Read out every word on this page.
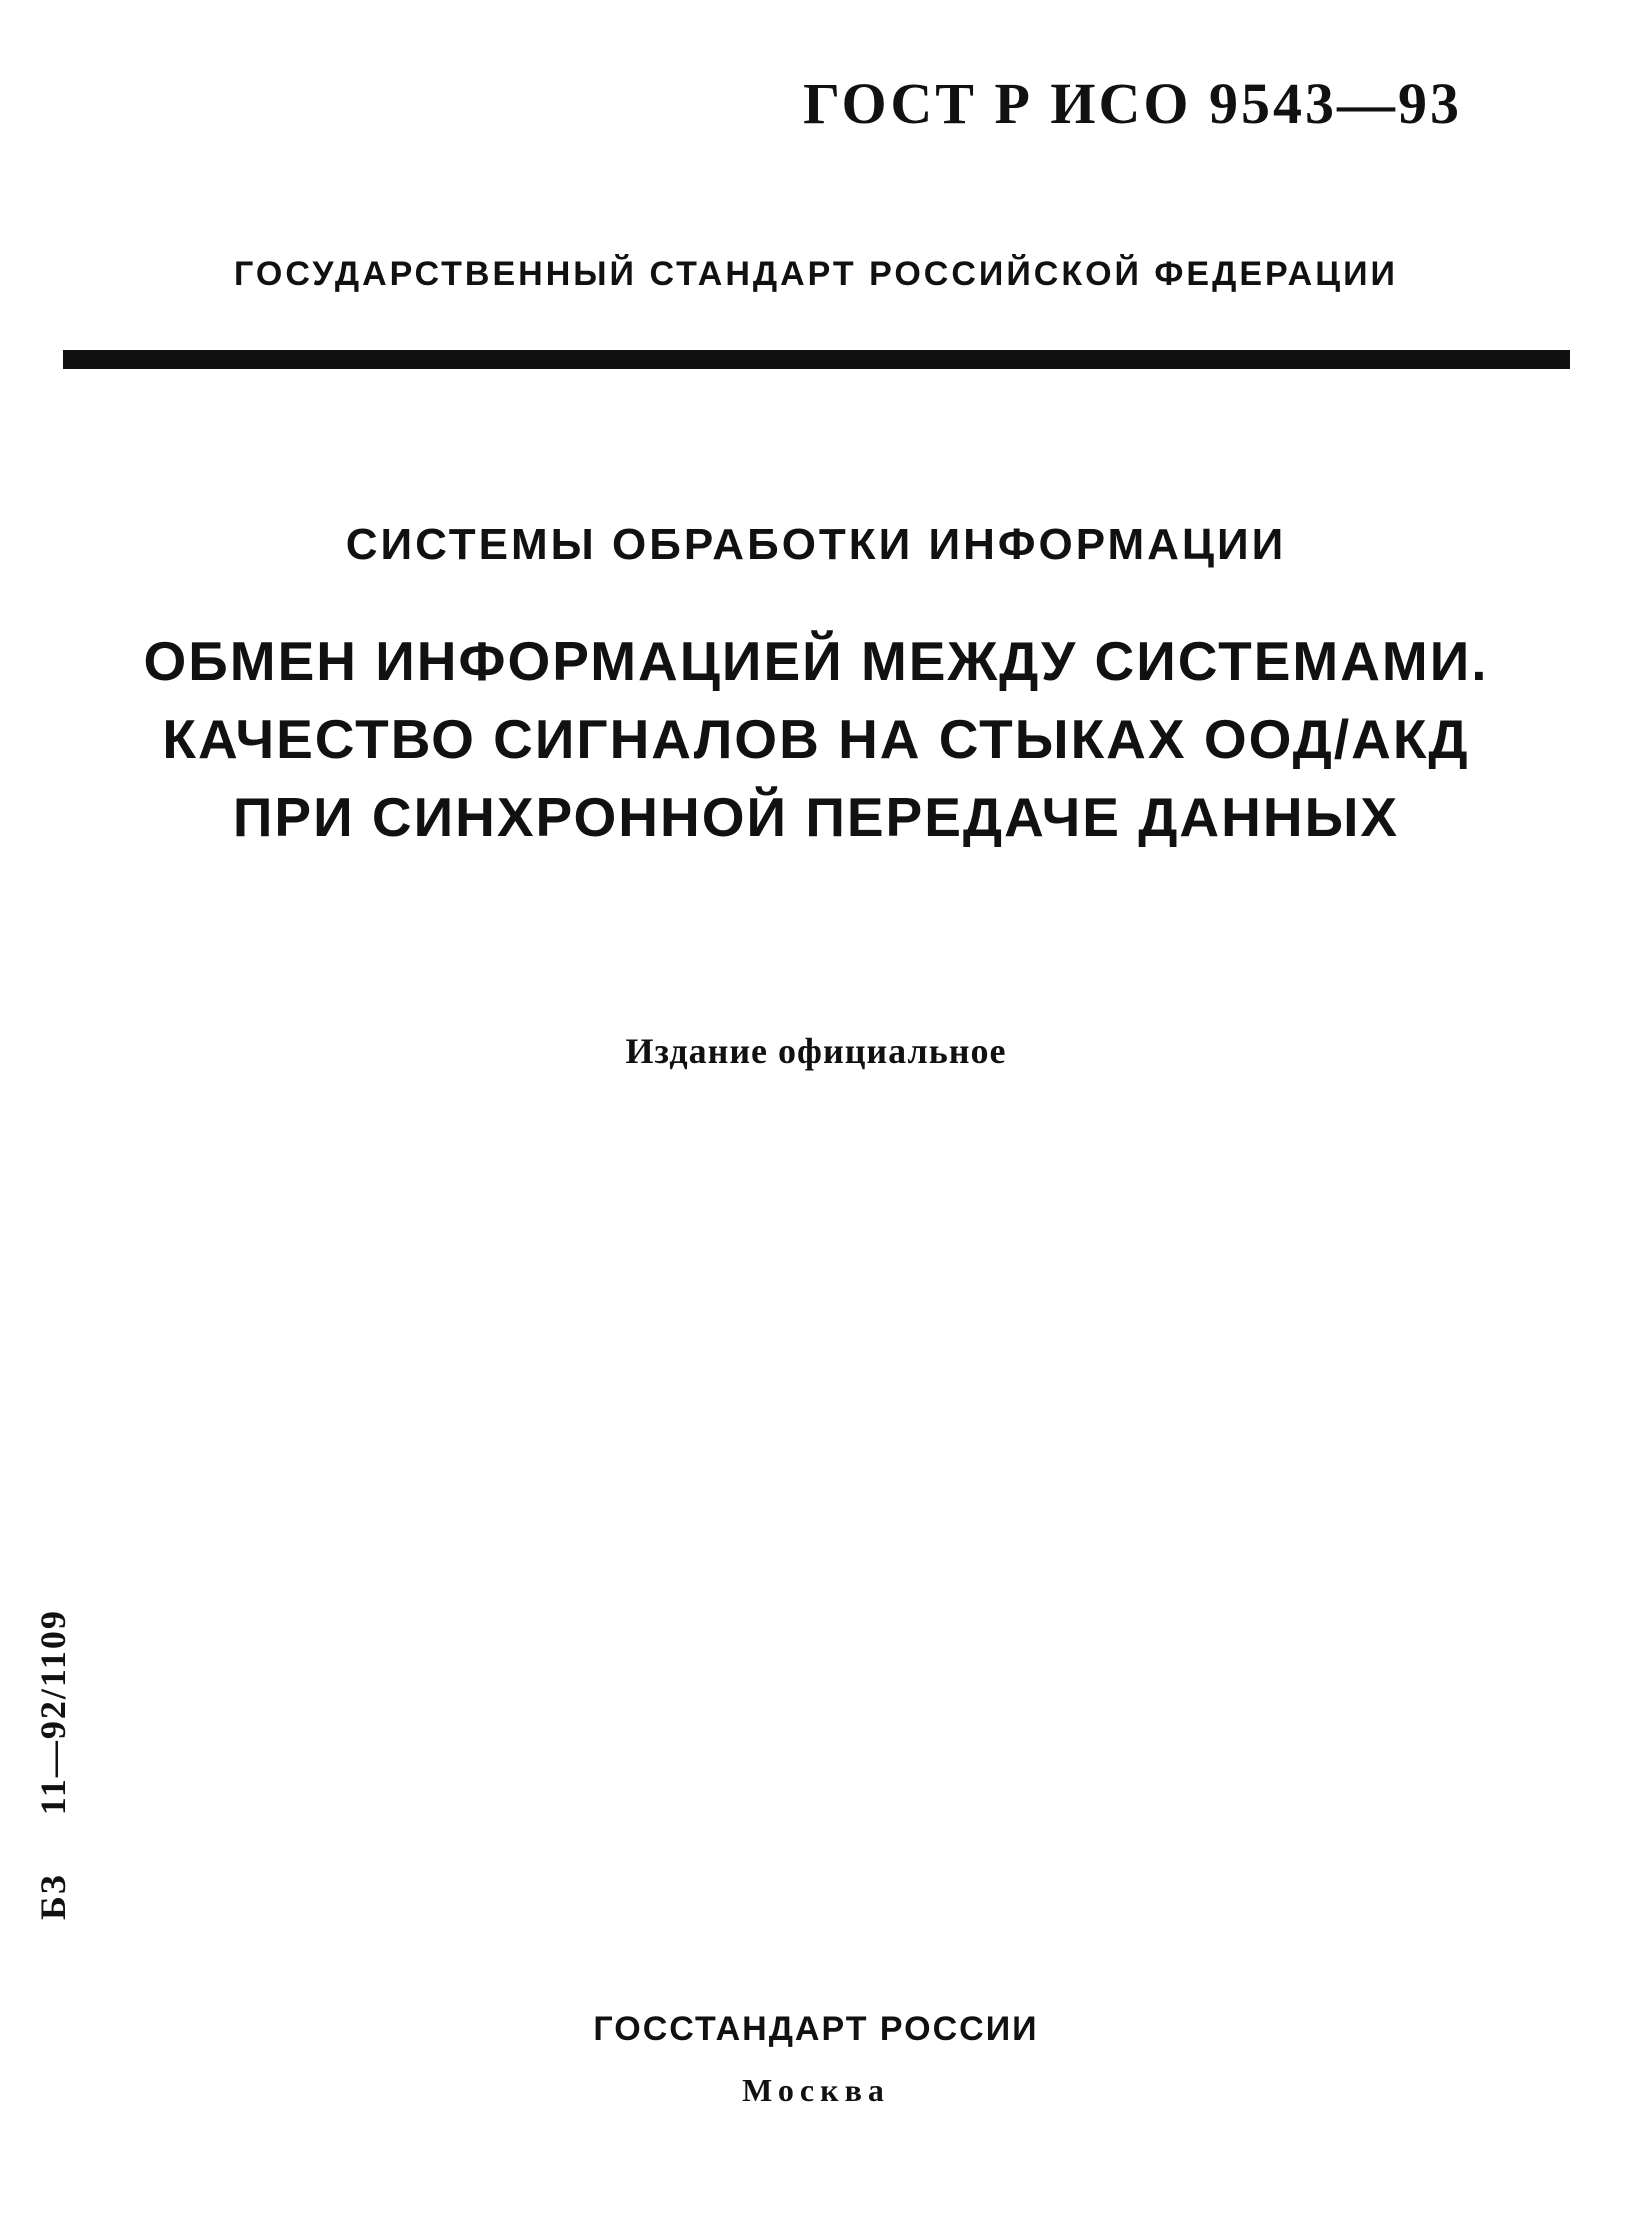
ГОСТ Р ИСО 9543—93
ГОСУДАРСТВЕННЫЙ СТАНДАРТ РОССИЙСКОЙ ФЕДЕРАЦИИ
СИСТЕМЫ ОБРАБОТКИ ИНФОРМАЦИИ
ОБМЕН ИНФОРМАЦИЕЙ МЕЖДУ СИСТЕМАМИ.
КАЧЕСТВО СИГНАЛОВ НА СТЫКАХ ООД/АКД
ПРИ СИНХРОННОЙ ПЕРЕДАЧЕ ДАННЫХ
Издание официальное
БЗ11—92/1109
ГОССТАНДАРТ РОССИИ
Москва
